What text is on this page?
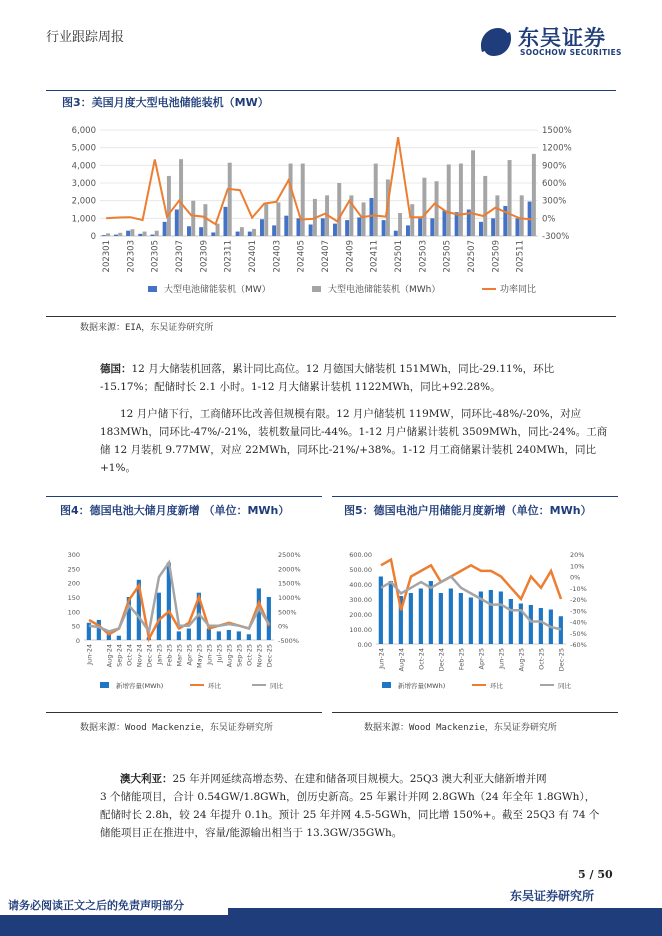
行业跟踪周报	东吴证券
SOOCHOW SECURITIES
图3：美国月度大型电池储能装机（MW）
6,000
5,000
4,000
3,000
2,000
1,000
0
1500%
1200%
900%
600%
300%
0%
-300%
202301 202303 202305 202307 202309 202311 202401 202403 202405 202407 202409 202411 202501 202503 202505 202507 202509 202511
大型电池储能装机（MW）	大型电池储能装机（MWh）	功率同比
数据来源：EIA，东吴证券研究所
德国：12 月大储装机回落，累计同比高位。12 月德国大储装机 151MWh，同比-29.11%，环比
-15.17%；配储时长 2.1 小时。1-12 月大储累计装机 1122MWh，同比+92.28%。
12 月户储下行，工商储环比改善但规模有限。12 月户储装机 119MW，同环比-48%/-20%，对应
183MWh，同环比-47%/-21%，装机数量同比-44%。1-12 月户储累计装机 3509MWh，同比-24%。工商
储 12 月装机 9.77MW，对应 22MWh，同环比-21%/+38%。1-12 月工商储累计装机 240MWh，同比
+1%。
图4：德国电池大储月度新增 （单位：MWh）	图5：德国电池户用储能月度新增（单位：MWh）
300
250
200
150
100
50
0
2500%
2000%
1500%
1000%
500%
0%
-500%
Jun-24 Aug-24 Sep-24 Oct-24 Nov-24 Dec-24 Jan-25 Feb-25 Mar-25 Apr-25 May-25 Jun-25 Jul-25 Aug-25 Sep-25 Oct-25 Nov-25 Dec-25
新增容量(MWh)	环比	同比
600.00
500.00
400.00
300.00
200.00
100.00
0.00
20%
10%
0%
-10%
-20%
-30%
-40%
-50%
-60%
Jun-24 Aug-24 Oct-24 Dec-24 Feb-25 Apr-25 Jun-25 Aug-25 Oct-25 Dec-25
新增容量(MWh)	环比	同比
数据来源：Wood Mackenzie，东吴证券研究所	数据来源：Wood Mackenzie，东吴证券研究所
澳大利亚：25 年并网延续高增态势、在建和储备项目规模大。25Q3 澳大利亚大储新增并网
3 个储能项目，合计 0.54GW/1.8GWh，创历史新高。25 年累计并网 2.8GWh（24 年全年 1.8GWh），
配储时长 2.8h，较 24 年提升 0.1h。预计 25 年并网 4.5-5GWh，同比增 150%+。截至 25Q3 有 74 个
储能项目正在推进中，容量/能源输出相当于 13.3GW/35GWh。
5 / 50
请务必阅读正文之后的免责声明部分
东吴证券研究所
